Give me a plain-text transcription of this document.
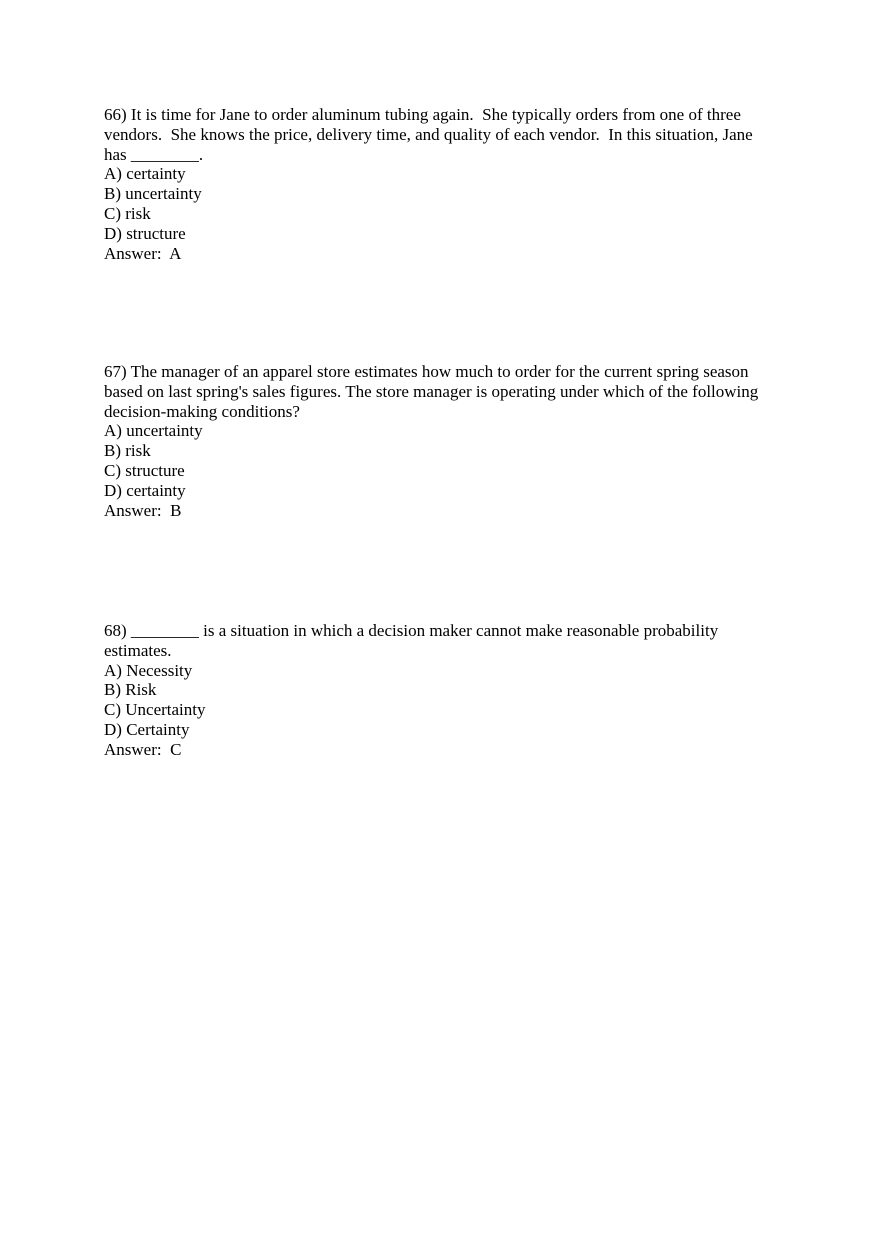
66) It is time for Jane to order aluminum tubing again.  She typically orders from one of three
vendors.  She knows the price, delivery time, and quality of each vendor.  In this situation, Jane
has ________.
A) certainty
B) uncertainty
C) risk
D) structure
Answer:  A
67) The manager of an apparel store estimates how much to order for the current spring season
based on last spring's sales figures. The store manager is operating under which of the following
decision-making conditions?
A) uncertainty
B) risk
C) structure
D) certainty
Answer:  B
68) ________ is a situation in which a decision maker cannot make reasonable probability
estimates.
A) Necessity
B) Risk
C) Uncertainty
D) Certainty
Answer:  C
